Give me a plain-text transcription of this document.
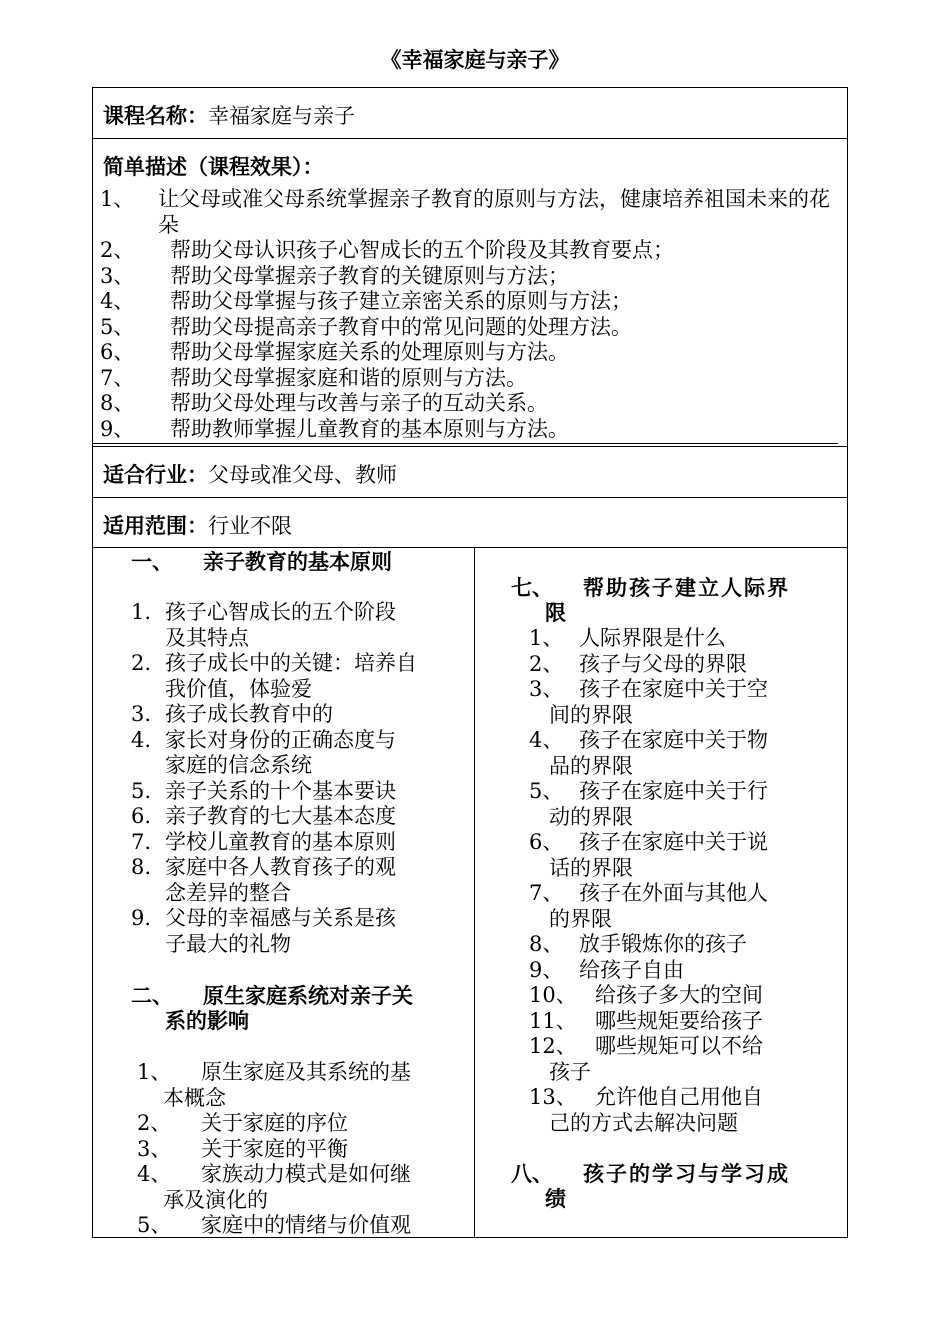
《幸福家庭与亲子》
课程名称：幸福家庭与亲子
简单描述（课程效果）：
1、 让父母或准父母系统掌握亲子教育的原则与方法，健康培养祖国未来的花朵
2、 帮助父母认识孩子心智成长的五个阶段及其教育要点；
3、 帮助父母掌握亲子教育的关键原则与方法；
4、 帮助父母掌握与孩子建立亲密关系的原则与方法；
5、 帮助父母提高亲子教育中的常见问题的处理方法。
6、 帮助父母掌握家庭关系的处理原则与方法。
7、 帮助父母掌握家庭和谐的原则与方法。
8、 帮助父母处理与改善与亲子的互动关系。
9、 帮助教师掌握儿童教育的基本原则与方法。
适合行业：父母或准父母、教师
适用范围：行业不限
一、 亲子教育的基本原则
1. 孩子心智成长的五个阶段
及其特点
2. 孩子成长中的关键：培养自
我价值，体验爱
3. 孩子成长教育中的
4. 家长对身份的正确态度与
家庭的信念系统
5. 亲子关系的十个基本要诀
6. 亲子教育的七大基本态度
7. 学校儿童教育的基本原则
8. 家庭中各人教育孩子的观
念差异的整合
9. 父母的幸福感与关系是孩
子最大的礼物
二、 原生家庭系统对亲子关
系的影响
1、	原生家庭及其系统的基
本概念
2、	关于家庭的序位
3、	关于家庭的平衡
4、	家族动力模式是如何继
承及演化的
5、	家庭中的情绪与价值观
七、 帮助孩子建立人际界
限
1、 人际界限是什么
2、 孩子与父母的界限
3、 孩子在家庭中关于空
间的界限
4、 孩子在家庭中关于物
品的界限
5、 孩子在家庭中关于行
动的界限
6、 孩子在家庭中关于说
话的界限
7、 孩子在外面与其他人
的界限
8、 放手锻炼你的孩子
9、 给孩子自由
10、 给孩子多大的空间
11、 哪些规矩要给孩子
12、 哪些规矩可以不给
孩子
13、 允许他自己用他自
己的方式去解决问题
八、 孩子的学习与学习成
绩
